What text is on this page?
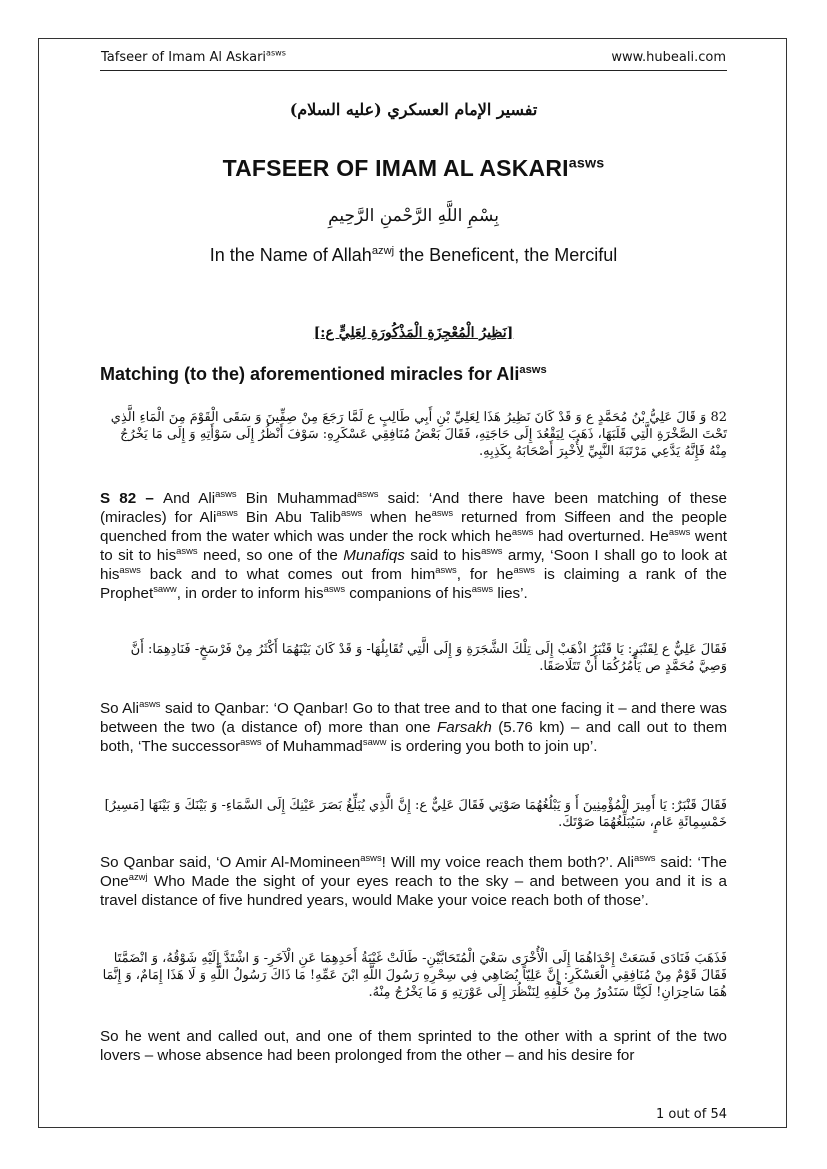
Tafseer of Imam Al Askari$^{asws}$	www.hubeali.com
تفسير الإمام العسكري (عليه السلام)
TAFSEER OF IMAM AL $ASKARI^{asws}$
بِسْمِ اللَّهِ الرَّحْمنِ الرَّحِيمِ
In the Name of Allah$^{azwj}$ the Beneficent, the Merciful
[نَظِيرُ الْمُعْجِزَةِ الْمَذْكُورَةِ لِعَلِيٍّ ع:]
Matching (to the) aforementioned miracles for Ali$^{asws}$

82 وَ قَالَ عَلِيُّ بْنُ مُحَمَّدٍ ع وَ قَدْ كَانَ نَظِيرُ هَذَا لِعَلِيِّ بْنِ أَبِي طَالِبٍ ع لَمَّا رَجَعَ مِنْ صِفِّينَ وَ سَقَى الْقَوْمَ مِنَ الْمَاءِ الَّذِي تَحْتَ الصَّخْرَةِ الَّتِي قَلَبَهَا، ذَهَبَ لِيَقْعُدَ إِلَى حَاجَتِهِ، فَقَالَ بَعْضُ مُنَافِقِي عَسْكَرِهِ: سَوْفَ أَنْظُرُ إِلَى سَوْأَتِهِ وَ إِلَى مَا يَخْرُجُ مِنْهُ فَإِنَّهُ يَدَّعِي مَرْتَبَةَ النَّبِيِّ لِأُخْبِرَ أَصْحَابَهُ بِكَذِبِهِ.

S 82 – And Ali$^{asws}$ Bin Muhammad$^{asws}$ said: ‘And there have been matching of these (miracles) for Ali$^{asws}$ Bin Abu Talib$^{asws}$ when $he^{asws}$ returned from Siffeen and the people quenched from the water which was under the rock which $he^{asws}$ had overturned. $He^{asws}$ went to sit to his$^{asws}$ need, so one of the Munafiqs said to his$^{asws}$ army, ‘Soon I shall go to look at his$^{asws}$ back and to what comes out from him$^{asws}$, for $he^{asws}$ is claiming a rank of the Prophet$^{saww}$, in order to inform his$^{asws}$ companions of his$^{asws}$ lies’.

فَقَالَ عَلِيٌّ ع لِقَنْبَرٍ: يَا قَنْبَرُ اذْهَبْ إِلَى تِلْكَ الشَّجَرَةِ وَ إِلَى الَّتِي تُقَابِلُهَا- وَ قَدْ كَانَ بَيْنَهُمَا أَكْثَرُ مِنْ فَرْسَخٍ- فَنَادِهِمَا: أَنَّ وَصِيَّ مُحَمَّدٍ ص يَأْمُرُكُمَا أَنْ تَتَلَاصَقَا.

So Ali$^{asws}$ said to Qanbar: ‘O Qanbar! Go to that tree and to that one facing it – and there was between the two (a distance of) more than one Farsakh (5.76 km) – and call out to them both, ‘The successor$^{asws}$ of Muhammad$^{saww}$ is ordering you both to join up’.

فَقَالَ قَنْبَرٌ: يَا أَمِيرَ الْمُؤْمِنِينَ أَ وَ يَبْلُغُهُمَا صَوْتِي فَقَالَ عَلِيٌّ ع: إِنَّ الَّذِي يُبَلِّغُ بَصَرَ عَيْنِكَ إِلَى السَّمَاءِ- وَ بَيْنَكَ وَ بَيْنَهَا [مَسِيرُ] خَمْسِمِائَةِ عَامٍ، سَيُبَلِّغُهُمَا صَوْتَكَ.

So Qanbar said, ‘O Amir Al-Momineen$^{asws}$! Will my voice reach them both?’. Ali$^{asws}$ said: ‘The One$^{azwj}$ Who Made the sight of your eyes reach to the sky – and between you and it is a travel distance of five hundred years, would Make your voice reach both of those’.

فَذَهَبَ فَنَادَى فَسَعَتْ إِحْدَاهُمَا إِلَى الْأُخْرَى سَعْيَ الْمُتَحَابَّيْنِ- طَالَتْ غَيْبَةُ أَحَدِهِمَا عَنِ الْآخَرِ- وَ اشْتَدَّ إِلَيْهِ شَوْقُهُ، وَ انْضَمَّتَا فَقَالَ قَوْمٌ مِنْ مُنَافِقِي الْعَسْكَرِ: إِنَّ عَلِيّاً يُضَاهِي فِي سِحْرِهِ رَسُولَ اللَّهِ ابْنَ عَمِّهِ! مَا ذَاكَ رَسُولُ اللَّهِ وَ لَا هَذَا إِمَامٌ، وَ إِنَّمَا هُمَا سَاحِرَانِ! لَكِنَّا سَنَدُورُ مِنْ خَلْفِهِ لِنَنْظُرَ إِلَى عَوْرَتِهِ وَ مَا يَخْرُجُ مِنْهُ.

So he went and called out, and one of them sprinted to the other with a sprint of the two lovers – whose absence had been prolonged from the other – and his desire for

1 out of 54
